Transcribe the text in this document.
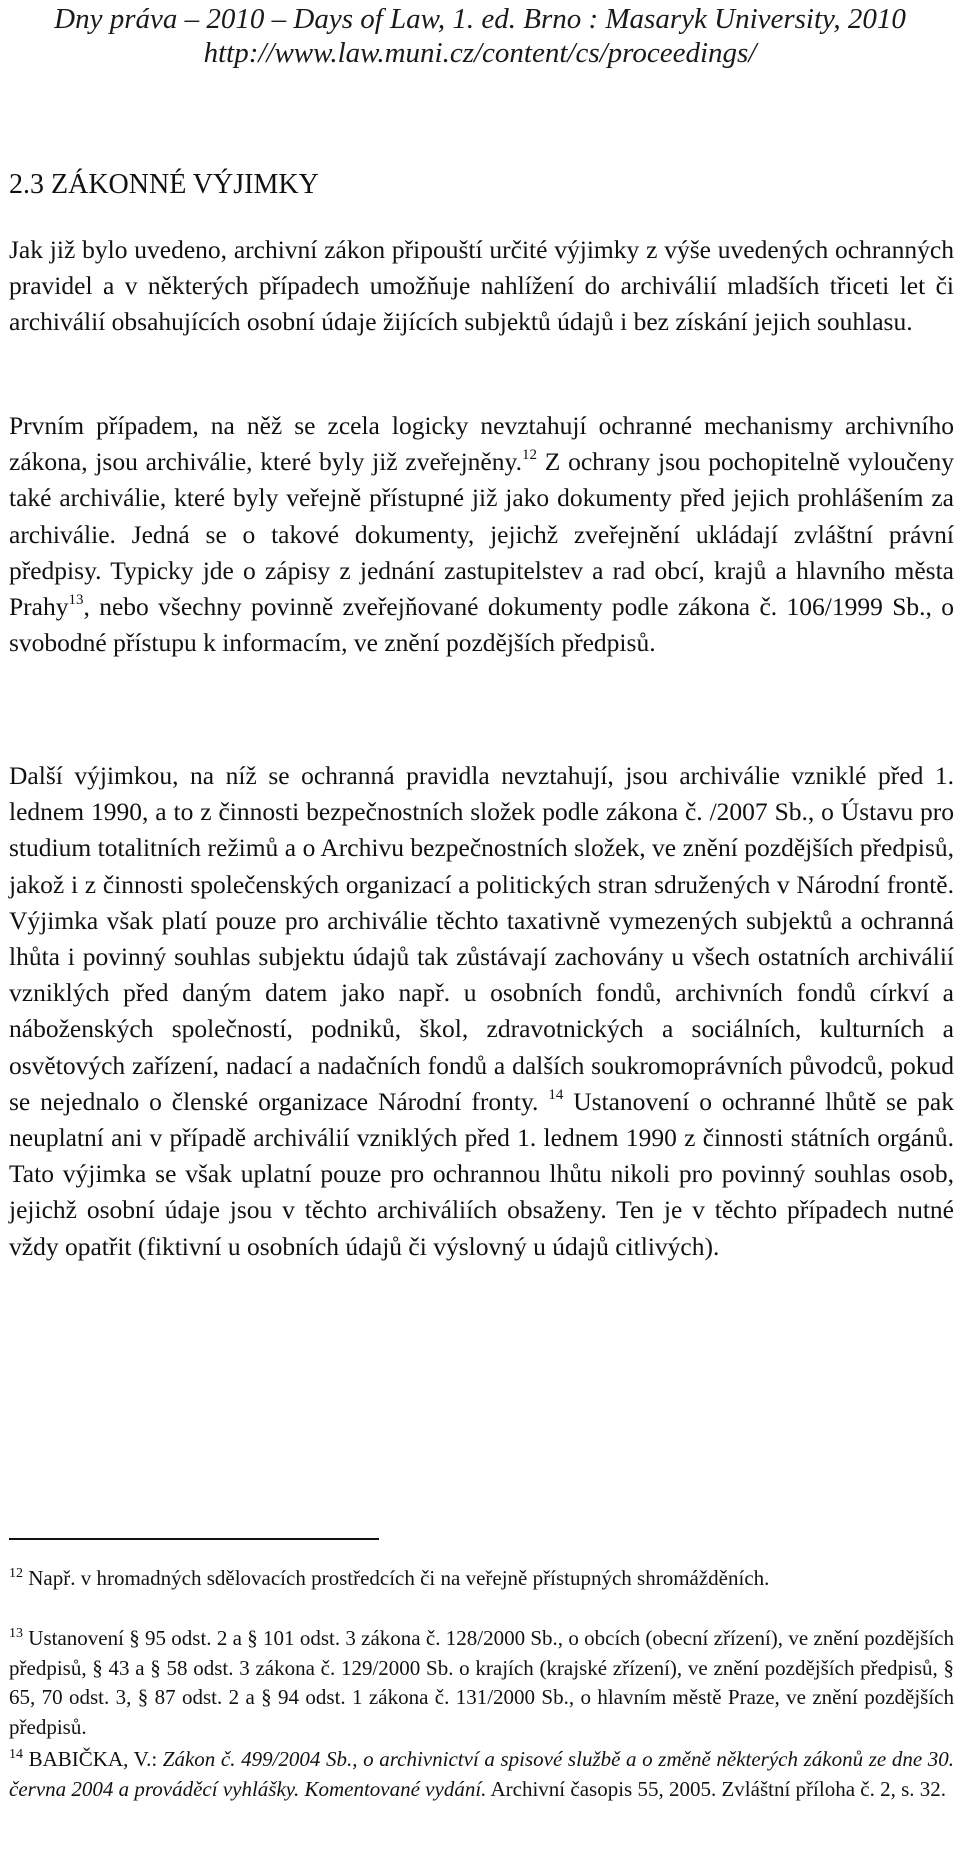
Dny práva – 2010 – Days of Law, 1. ed. Brno : Masaryk University, 2010
http://www.law.muni.cz/content/cs/proceedings/
2.3 ZÁKONNÉ VÝJIMKY
Jak již bylo uvedeno, archivní zákon připouští určité výjimky z výše uvedených ochranných pravidel a v některých případech umožňuje nahlížení do archiválií mladších třiceti let či archiválií obsahujících osobní údaje žijících subjektů údajů i bez získání jejich souhlasu.
Prvním případem, na něž se zcela logicky nevztahují ochranné mechanismy archivního zákona, jsou archiválie, které byly již zveřejněny.$^{12}$ Z ochrany jsou pochopitelně vyloučeny také archiválie, které byly veřejně přístupné již jako dokumenty před jejich prohlášením za archiválie. Jedná se o takové dokumenty, jejichž zveřejnění ukládají zvláštní právní předpisy. Typicky jde o zápisy z jednání zastupitelstev a rad obcí, krajů a hlavního města Prahy$^{13}$, nebo všechny povinně zveřejňované dokumenty podle zákona č. 106/1999 Sb., o svobodné přístupu k informacím, ve znění pozdějších předpisů.
Další výjimkou, na níž se ochranná pravidla nevztahují, jsou archiválie vzniklé před 1. lednem 1990, a to z činnosti bezpečnostních složek podle zákona č. /2007 Sb., o Ústavu pro studium totalitních režimů a o Archivu bezpečnostních složek, ve znění pozdějších předpisů, jakož i z činnosti společenských organizací a politických stran sdružených v Národní frontě. Výjimka však platí pouze pro archiválie těchto taxativně vymezených subjektů a ochranná lhůta i povinný souhlas subjektu údajů tak zůstávají zachovány u všech ostatních archiválií vzniklých před daným datem jako např. u osobních fondů, archivních fondů církví a náboženských společností, podniků, škol, zdravotnických a sociálních, kulturních a osvětových zařízení, nadací a nadačních fondů a dalších soukromoprávních původců, pokud se nejednalo o členské organizace Národní fronty. $^{14}$ Ustanovení o ochranné lhůtě se pak neuplatní ani v případě archiválií vzniklých před 1. lednem 1990 z činnosti státních orgánů. Tato výjimka se však uplatní pouze pro ochrannou lhůtu nikoli pro povinný souhlas osob, jejichž osobní údaje jsou v těchto archiváliích obsaženy. Ten je v těchto případech nutné vždy opatřit (fiktivní u osobních údajů či výslovný u údajů citlivých).
$^{12}$ Např. v hromadných sdělovacích prostředcích či na veřejně přístupných shromážděních.
$^{13}$ Ustanovení § 95 odst. 2 a § 101 odst. 3 zákona č. 128/2000 Sb., o obcích (obecní zřízení), ve znění pozdějších předpisů, § 43 a § 58 odst. 3 zákona č. 129/2000 Sb. o krajích (krajské zřízení), ve znění pozdějších předpisů, § 65, 70 odst. 3, § 87 odst. 2 a § 94 odst. 1 zákona č. 131/2000 Sb., o hlavním městě Praze, ve znění pozdějších předpisů.
$^{14}$ BABIČKA, V.: Zákon č. 499/2004 Sb., o archivnictví a spisové službě a o změně některých zákonů ze dne 30. června 2004 a prováděcí vyhlášky. Komentované vydání. Archivní časopis 55, 2005. Zvláštní příloha č. 2, s. 32.
